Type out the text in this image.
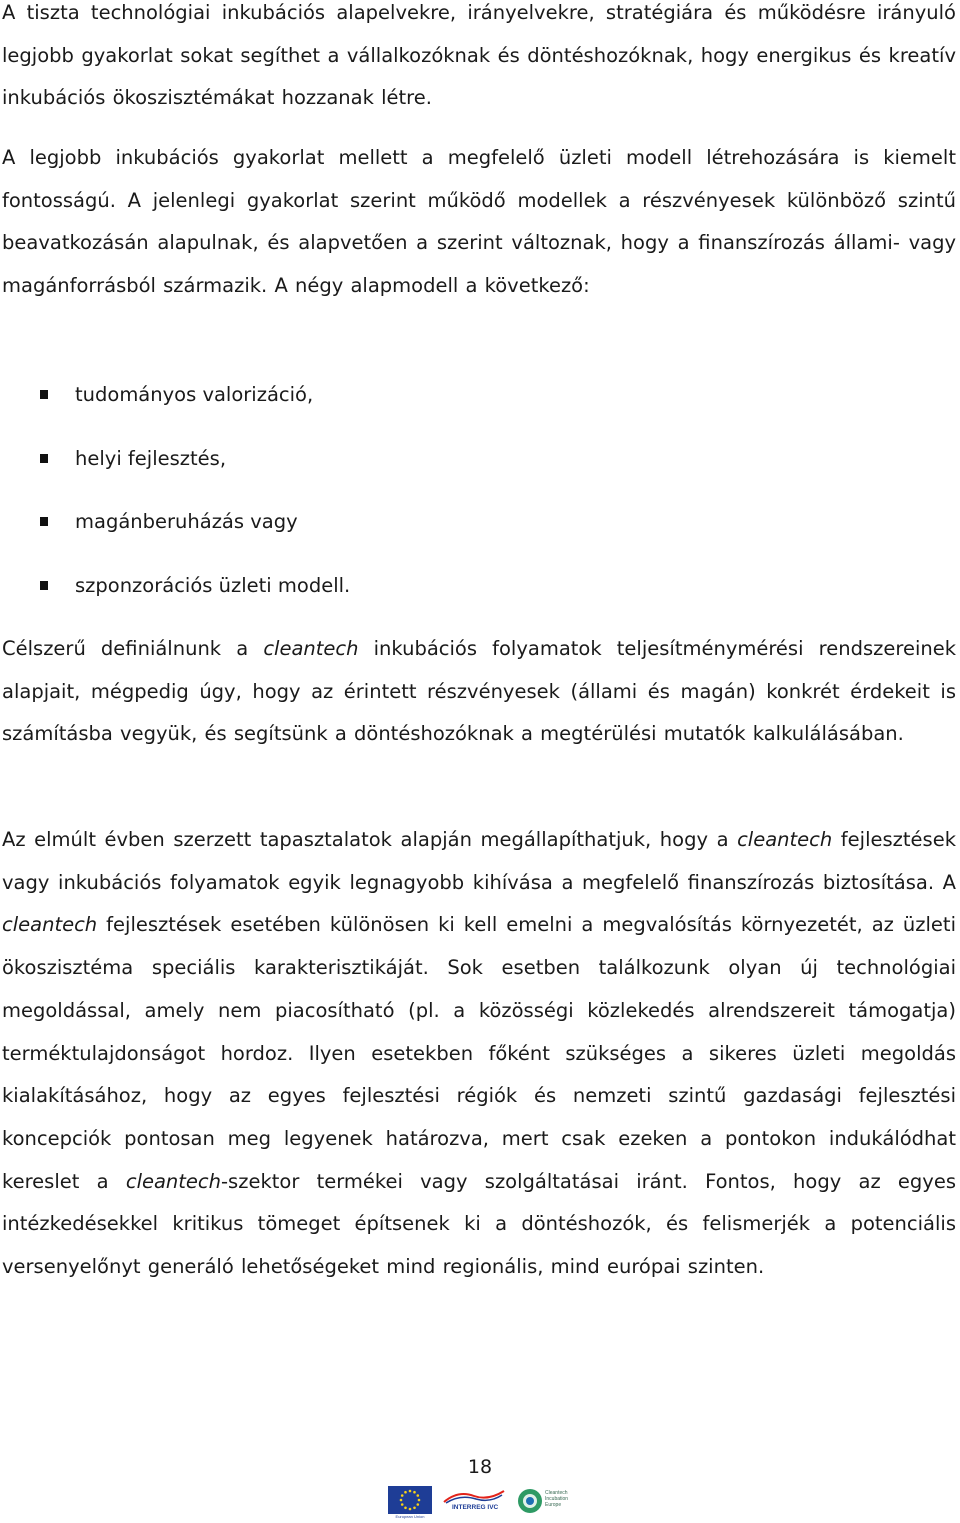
A tiszta technológiai inkubációs alapelvekre, irányelvekre, stratégiára és működésre irányuló legjobb gyakorlat sokat segíthet a vállalkozóknak és döntéshozóknak, hogy energikus és kreatív inkubációs ökoszisztémákat hozzanak létre.

A legjobb inkubációs gyakorlat mellett a megfelelő üzleti modell létrehozására is kiemelt fontosságú. A jelenlegi gyakorlat szerint működő modellek a részvényesek különböző szintű beavatkozásán alapulnak, és alapvetően a szerint változnak, hogy a finanszírozás állami- vagy magánforrásból származik. A négy alapmodell a következő:

tudományos valorizáció,
helyi fejlesztés,
magánberuházás vagy
szponzorációs üzleti modell.

Célszerű definiálnunk a cleantech inkubációs folyamatok teljesítménymérési rendszereinek alapjait, mégpedig úgy, hogy az érintett részvényesek (állami és magán) konkrét érdekeit is számításba vegyük, és segítsünk a döntéshozóknak a megtérülési mutatók kalkulálásában.

Az elmúlt évben szerzett tapasztalatok alapján megállapíthatjuk, hogy a cleantech fejlesztések vagy inkubációs folyamatok egyik legnagyobb kihívása a megfelelő finanszírozás biztosítása. A cleantech fejlesztések esetében különösen ki kell emelni a megvalósítás környezetét, az üzleti ökoszisztéma speciális karakterisztikáját. Sok esetben találkozunk olyan új technológiai megoldással, amely nem piacosítható (pl. a közösségi közlekedés alrendszereit támogatja) terméktulajdonságot hordoz. Ilyen esetekben főként szükséges a sikeres üzleti megoldás kialakításához, hogy az egyes fejlesztési régiók és nemzeti szintű gazdasági fejlesztési koncepciók pontosan meg legyenek határozva, mert csak ezeken a pontokon indukálódhat kereslet a cleantech-szektor termékei vagy szolgáltatásai iránt. Fontos, hogy az egyes intézkedésekkel kritikus tömeget építsenek ki a döntéshozók, és felismerjék a potenciális versenyelőnyt generáló lehetőségeket mind regionális, mind európai szinten.

18
European Union
INTERREG IVC
Cleantech
Incubation
Europe
